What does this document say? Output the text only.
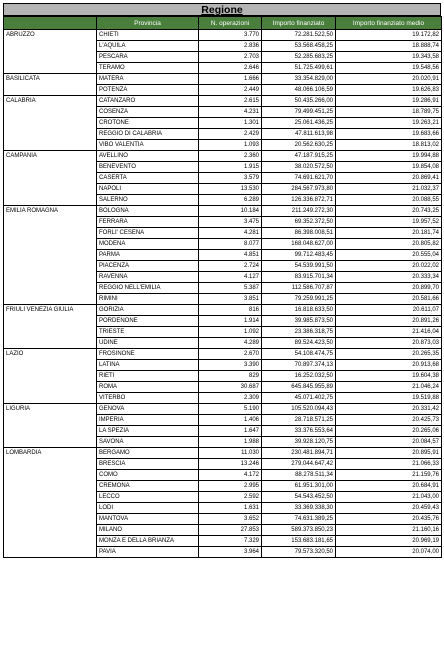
Regione
	Provincia	N. operazioni	Importo finanziato	Importo finanziato medio
ABRUZZO	CHIETI	3.770	72.281.522,50	19.172,82
	L'AQUILA	2.836	53.568.458,25	18.888,74
	PESCARA	2.703	52.285.683,25	19.343,58
	TERAMO	2.646	51.725.499,61	19.548,56
BASILICATA	MATERA	1.666	33.354.829,00	20.020,91
	POTENZA	2.449	48.066.106,59	19.626,83
CALABRIA	CATANZARO	2.615	50.435.266,00	19.286,91
	COSENZA	4.231	79.499.451,25	18.789,75
	CROTONE	1.301	25.061.436,25	19.263,21
	REGGIO DI CALABRIA	2.429	47.811.613,98	19.683,66
	VIBO VALENTIA	1.093	20.562.630,25	18.813,02
CAMPANIA	AVELLINO	2.360	47.187.915,25	19.994,88
	BENEVENTO	1.915	38.020.572,50	19.854,08
	CASERTA	3.579	74.691.621,70	20.869,41
	NAPOLI	13.530	284.567.973,80	21.032,37
	SALERNO	6.289	126.336.872,71	20.088,55
EMILIA ROMAGNA	BOLOGNA	10.184	211.249.272,30	20.743,25
	FERRARA	3.475	69.352.372,50	19.957,52
	FORLI' CESENA	4.281	86.398.008,51	20.181,74
	MODENA	8.077	168.048.627,00	20.805,82
	PARMA	4.851	99.712.483,45	20.555,04
	PIACENZA	2.724	54.539.991,50	20.022,02
	RAVENNA	4.127	83.915.701,34	20.333,34
	REGGIO NELL'EMILIA	5.387	112.586.707,87	20.899,70
	RIMINI	3.851	79.259.991,25	20.581,66
FRIULI VENEZIA GIULIA	GORIZIA	816	16.818.633,50	20.611,07
	PORDENONE	1.914	39.985.873,50	20.891,26
	TRIESTE	1.092	23.386.318,75	21.416,04
	UDINE	4.289	89.524.423,50	20.873,03
LAZIO	FROSINONE	2.670	54.108.474,75	20.265,35
	LATINA	3.390	70.897.374,13	20.913,68
	RIETI	829	16.252.032,50	19.604,38
	ROMA	30.687	645.845.955,89	21.046,24
	VITERBO	2.309	45.071.402,75	19.519,88
LIGURIA	GENOVA	5.190	105.520.094,43	20.331,42
	IMPERIA	1.406	28.718.571,25	20.425,73
	LA SPEZIA	1.647	33.376.553,64	20.265,06
	SAVONA	1.988	39.928.120,75	20.084,57
LOMBARDIA	BERGAMO	11.030	230.481.894,71	20.895,91
	BRESCIA	13.246	279.044.647,42	21.066,33
	COMO	4.172	88.278.511,34	21.159,76
	CREMONA	2.995	61.951.301,00	20.684,91
	LECCO	2.592	54.543.452,50	21.043,00
	LODI	1.631	33.369.338,30	20.459,43
	MANTOVA	3.652	74.631.389,25	20.435,76
	MILANO	27.853	589.373.850,23	21.160,16
	MONZA E DELLA BRIANZA	7.329	153.683.181,65	20.969,19
	PAVIA	3.964	79.573.320,50	20.074,00
